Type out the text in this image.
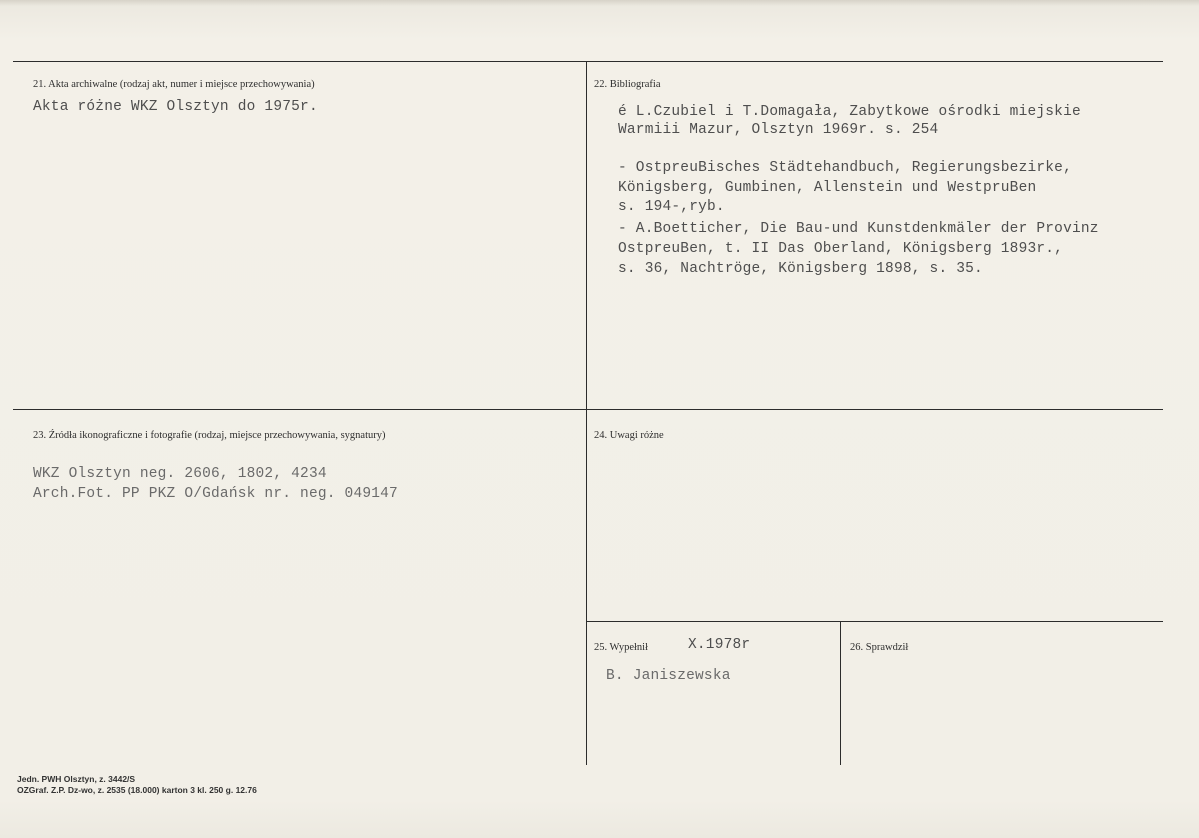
21. Akta archiwalne (rodzaj akt, numer i miejsce przechowywania)
Akta różne WKZ Olsztyn do 1975r.
22. Bibliografia
é L.Czubiel i T.Domagała, Zabytkowe ośrodki miejskie
Warmiii Mazur, Olsztyn 1969r. s. 254
- OstpreuBisches Städtehandbuch, Regierungsbezirke,
Königsberg, Gumbinen, Allenstein und WestpruBen
s. 194-,ryb.
- A.Boetticher, Die Bau-und Kunstdenkmäler der Provinz
OstpreuBen, t. II Das Oberland, Königsberg 1893r.,
s. 36, Nachtröge, Königsberg 1898, s. 35.
23. Źródła ikonograficzne i fotografie (rodzaj, miejsce przechowywania, sygnatury)
WKZ Olsztyn neg. 2606, 1802, 4234
Arch.Fot. PP PKZ O/Gdańsk nr. neg. 049147
24. Uwagi różne
25. Wypełnił	X.1978r
B. Janiszewska
26. Sprawdził
Jedn. PWH Olsztyn, z. 3442/S
OZGraf. Z.P. Dz-wo, z. 2535 (18.000) karton 3 kl. 250 g. 12.76
